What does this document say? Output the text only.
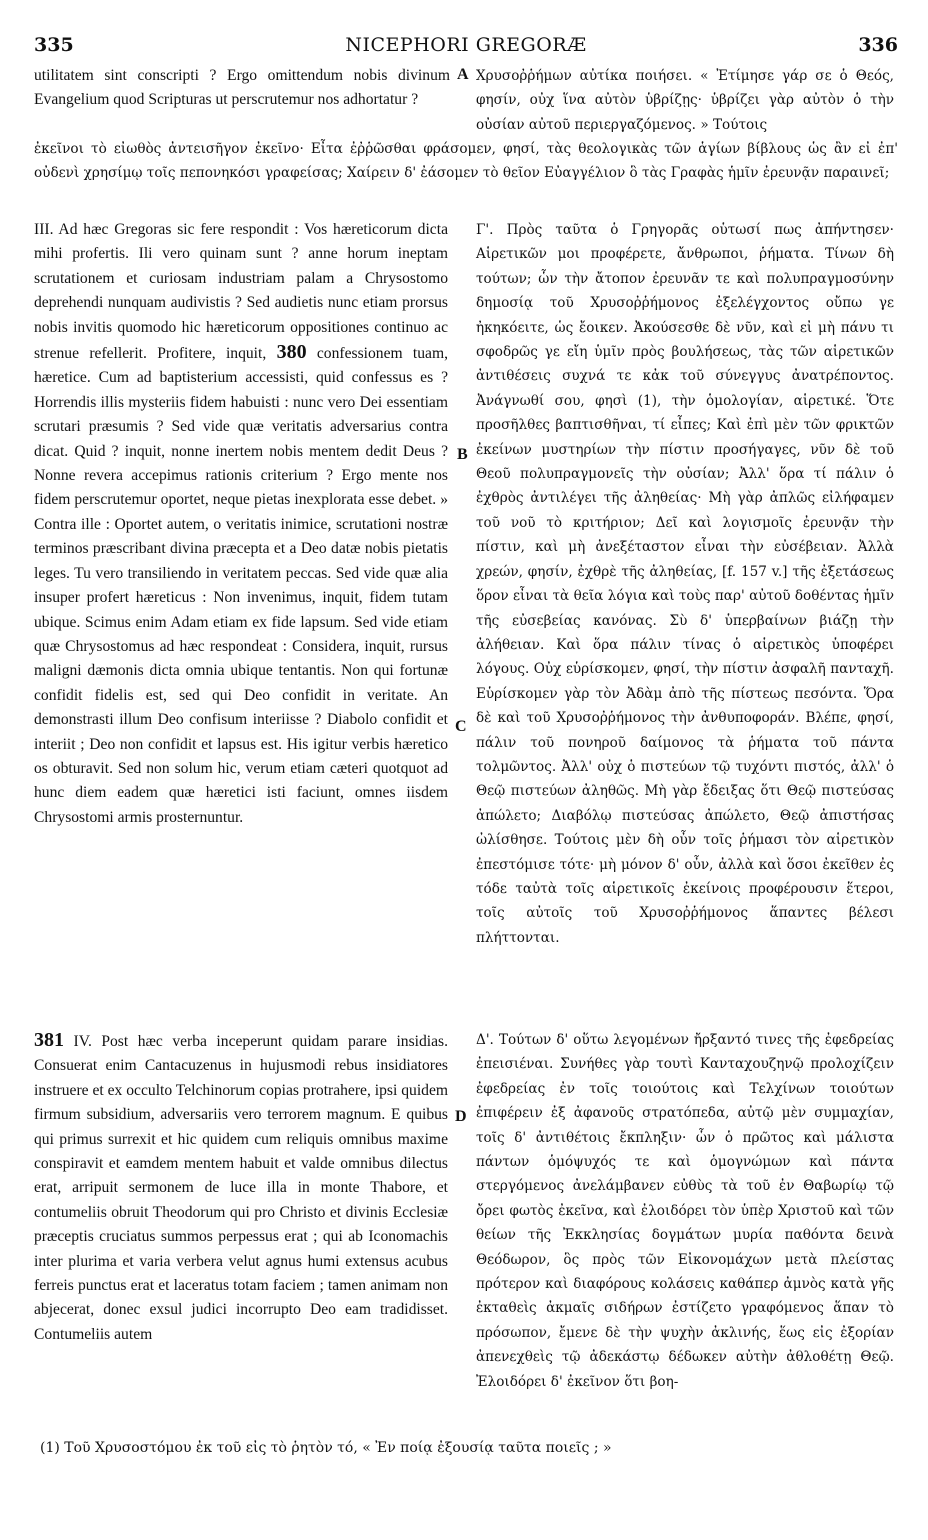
335	NICEPHORI GREGORÆ	336

utilitatem sint conscripti ? Ergo omittendum nobis divinum Evangelium quod Scripturas ut perscrutemur nos adhortatur ?

A Χρυσοῤῥήμων αὐτίκα ποιήσει. « Ἐτίμησε γάρ σε ὁ Θεός, φησίν, οὐχ ἵνα αὐτὸν ὑβρίζῃς· ὑβρίζει γὰρ αὐτὸν ὁ τὴν οὐσίαν αὐτοῦ περιεργαζόμενος. » Τούτοις

ἐκεῖνοι τὸ εἰωθὸς ἀντεισῆγον ἐκεῖνο· Εἶτα ἐῤῥῶσθαι φράσομεν, φησί, τὰς θεολογικὰς τῶν ἁγίων βίβλους ὡς ἂν εἰ ἐπ' οὐδενὶ χρησίμῳ τοῖς πεπονηκόσι γραφείσας; Χαίρειν δ' ἐάσομεν τὸ θεῖον Εὐαγγέλιον ὃ τὰς Γραφὰς ἡμῖν ἐρευνᾷν παραινεῖ;

III. Ad hæc Gregoras sic fere respondit : Vos hæreticorum dicta mihi profertis. Ili vero quinam sunt ? anne horum ineptam scrutationem et curiosam industriam palam a Chrysostomo deprehendi nunquam audivistis ? Sed audietis nunc etiam prorsus nobis invitis quomodo hic hæreticorum oppositiones continuo ac strenue refellerit. Profitere, inquit, 380 confessionem tuam, hæretice. Cum ad baptisterium accessisti, quid confessus es ? Horrendis illis mysteriis fidem habuisti : nunc vero Dei essentiam scrutari præsumis ? Sed vide quæ veritatis adversarius contra dicat. Quid ? inquit, nonne inertem nobis mentem dedit Deus ? Nonne revera accepimus rationis criterium ? Ergo mente nos fidem perscrutemur oportet, neque pietas inexplorata esse debet. » Contra ille : Oportet autem, o veritatis inimice, scrutationi nostræ terminos præscribant divina præcepta et a Deo datæ nobis pietatis leges. Tu vero transiliendo in veritatem peccas. Sed vide quæ alia insuper profert hæreticus : Non invenimus, inquit, fidem tutam ubique. Scimus enim Adam etiam ex fide lapsum. Sed vide etiam quæ Chrysostomus ad hæc respondeat : Considera, inquit, rursus maligni dæmonis dicta omnia ubique tentantis. Non qui fortunæ confidit fidelis est, sed qui Deo confidit in veritate. An demonstrasti illum Deo confisum interiisse ? Diabolo confidit et interiit ; Deo non confidit et lapsus est. His igitur verbis hæretico os obturavit. Sed non solum hic, verum etiam cæteri quotquot ad hunc diem eadem quæ hæretici isti faciunt, omnes iisdem Chrysostomi armis prosternuntur.

B
C

Γ'. Πρὸς ταῦτα ὁ Γρηγορᾶς οὑτωσί πως ἀπήντησεν· Αἱρετικῶν μοι προφέρετε, ἄνθρωποι, ῥήματα. Τίνων δὴ τούτων; ὧν τὴν ἄτοπον ἐρευνᾶν τε καὶ πολυπραγμοσύνην δημοσίᾳ τοῦ Χρυσοῤῥήμονος ἐξελέγχοντος οὔπω γε ἠκηκόειτε, ὡς ἔοικεν. Ἀκούσεσθε δὲ νῦν, καὶ εἰ μὴ πάνυ τι σφοδρῶς γε εἴη ὑμῖν πρὸς βουλήσεως, τὰς τῶν αἱρετικῶν ἀντιθέσεις συχνά τε κἀκ τοῦ σύνεγγυς ἀνατρέποντος. Ἀνάγνωθί σου, φησὶ (1), τὴν ὁμολογίαν, αἱρετικέ. Ὅτε προσῆλθες βαπτισθῆναι, τί εἶπες; Καὶ ἐπὶ μὲν τῶν φρικτῶν ἐκείνων μυστηρίων τὴν πίστιν προσήγαγες, νῦν δὲ τοῦ Θεοῦ πολυπραγμονεῖς τὴν οὐσίαν; Ἀλλ' ὅρα τί πάλιν ὁ ἐχθρὸς ἀντιλέγει τῆς ἀληθείας· Μὴ γὰρ ἀπλῶς εἰλήφαμεν τοῦ νοῦ τὸ κριτήριον; Δεῖ καὶ λογισμοῖς ἐρευνᾷν τὴν πίστιν, καὶ μὴ ἀνεξέταστον εἶναι τὴν εὐσέβειαν. Ἀλλὰ χρεών, φησίν, ἐχθρὲ τῆς ἀληθείας, [f. 157 v.] τῆς ἐξετάσεως ὅρον εἶναι τὰ θεῖα λόγια καὶ τοὺς παρ' αὐτοῦ δοθέντας ἡμῖν τῆς εὐσεβείας κανόνας. Σὺ δ' ὑπερβαίνων βιάζῃ τὴν ἀλήθειαν. Καὶ ὅρα πάλιν τίνας ὁ αἱρετικὸς ὑποφέρει λόγους. Οὐχ εὑρίσκομεν, φησί, τὴν πίστιν ἀσφαλῆ πανταχῆ. Εὑρίσκομεν γὰρ τὸν Ἀδὰμ ἀπὸ τῆς πίστεως πεσόντα. Ὅρα δὲ καὶ τοῦ Χρυσοῤῥήμονος τὴν ἀνθυποφοράν. Βλέπε, φησί, πάλιν τοῦ πονηροῦ δαίμονος τὰ ῥήματα τοῦ πάντα τολμῶντος. Ἀλλ' οὐχ ὁ πιστεύων τῷ τυχόντι πιστός, ἀλλ' ὁ Θεῷ πιστεύων ἀληθῶς. Μὴ γὰρ ἔδειξας ὅτι Θεῷ πιστεύσας ἀπώλετο; Διαβόλῳ πιστεύσας ἀπώλετο, Θεῷ ἀπιστήσας ὠλίσθησε. Τούτοις μὲν δὴ οὖν τοῖς ῥήμασι τὸν αἱρετικὸν ἐπεστόμισε τότε· μὴ μόνον δ' οὖν, ἀλλὰ καὶ ὅσοι ἐκεῖθεν ἐς τόδε ταὐτὰ τοῖς αἱρετικοῖς ἐκείνοις προφέρουσιν ἕτεροι, τοῖς αὐτοῖς τοῦ Χρυσοῤῥήμονος ἅπαντες βέλεσι πλήττονται.

381 IV. Post hæc verba inceperunt quidam parare insidias. Consuerat enim Cantacuzenus in hujusmodi rebus insidiatores instruere et ex occulto Telchinorum copias protrahere, ipsi quidem firmum subsidium, adversariis vero terrorem magnum. E quibus qui primus surrexit et hic quidem cum reliquis omnibus maxime conspiravit et eamdem mentem habuit et valde omnibus dilectus erat, arripuit sermonem de luce illa in monte Thabore, et contumeliis obruit Theodorum qui pro Christo et divinis Ecclesiæ præceptis cruciatus summos perpessus erat ; qui ab Iconomachis inter plurima et varia verbera velut agnus humi extensus acubus ferreis punctus erat et laceratus totam faciem ; tamen animam non abjecerat, donec exsul judici incorrupto Deo eam tradidisset. Contumeliis autem

D

Δ'. Τούτων δ' οὕτω λεγομένων ἤρξαντό τινες τῆς ἐφεδρείας ἐπεισιέναι. Συνήθες γὰρ τουτὶ Κανταχουζηνῷ προλοχίζειν ἐφεδρείας ἐν τοῖς τοιούτοις καὶ Τελχίνων τοιούτων ἐπιφέρειν ἐξ ἀφανοῦς στρατόπεδα, αὐτῷ μὲν συμμαχίαν, τοῖς δ' ἀντιθέτοις ἔκπληξιν· ὧν ὁ πρῶτος καὶ μάλιστα πάντων ὁμόψυχός τε καὶ ὁμογνώμων καὶ πάντα στεργόμενος ἀνελάμβανεν εὐθὺς τὰ τοῦ ἐν Θαβωρίῳ τῷ ὄρει φωτὸς ἐκεῖνα, καὶ ἐλοιδόρει τὸν ὑπὲρ Χριστοῦ καὶ τῶν θείων τῆς Ἐκκλησίας δογμάτων μυρία παθόντα δεινὰ Θεόδωρον, ὃς πρὸς τῶν Εἰκονομάχων μετὰ πλείστας πρότερον καὶ διαφόρους κολάσεις καθάπερ ἀμνὸς κατὰ γῆς ἐκταθεὶς ἀκμαῖς σιδήρων ἐστίζετο γραφόμενος ἅπαν τὸ πρόσωπον, ἔμενε δὲ τὴν ψυχὴν ἀκλινής, ἕως εἰς ἐξορίαν ἀπενεχθεὶς τῷ ἀδεκάστῳ δέδωκεν αὐτὴν ἀθλοθέτῃ Θεῷ. Ἐλοιδόρει δ' ἐκεῖνον ὅτι βοη-

(1) Τοῦ Χρυσοστόμου ἐκ τοῦ εἰς τὸ ῥητὸν τό, « Ἐν ποίᾳ ἐξουσίᾳ ταῦτα ποιεῖς ; »
